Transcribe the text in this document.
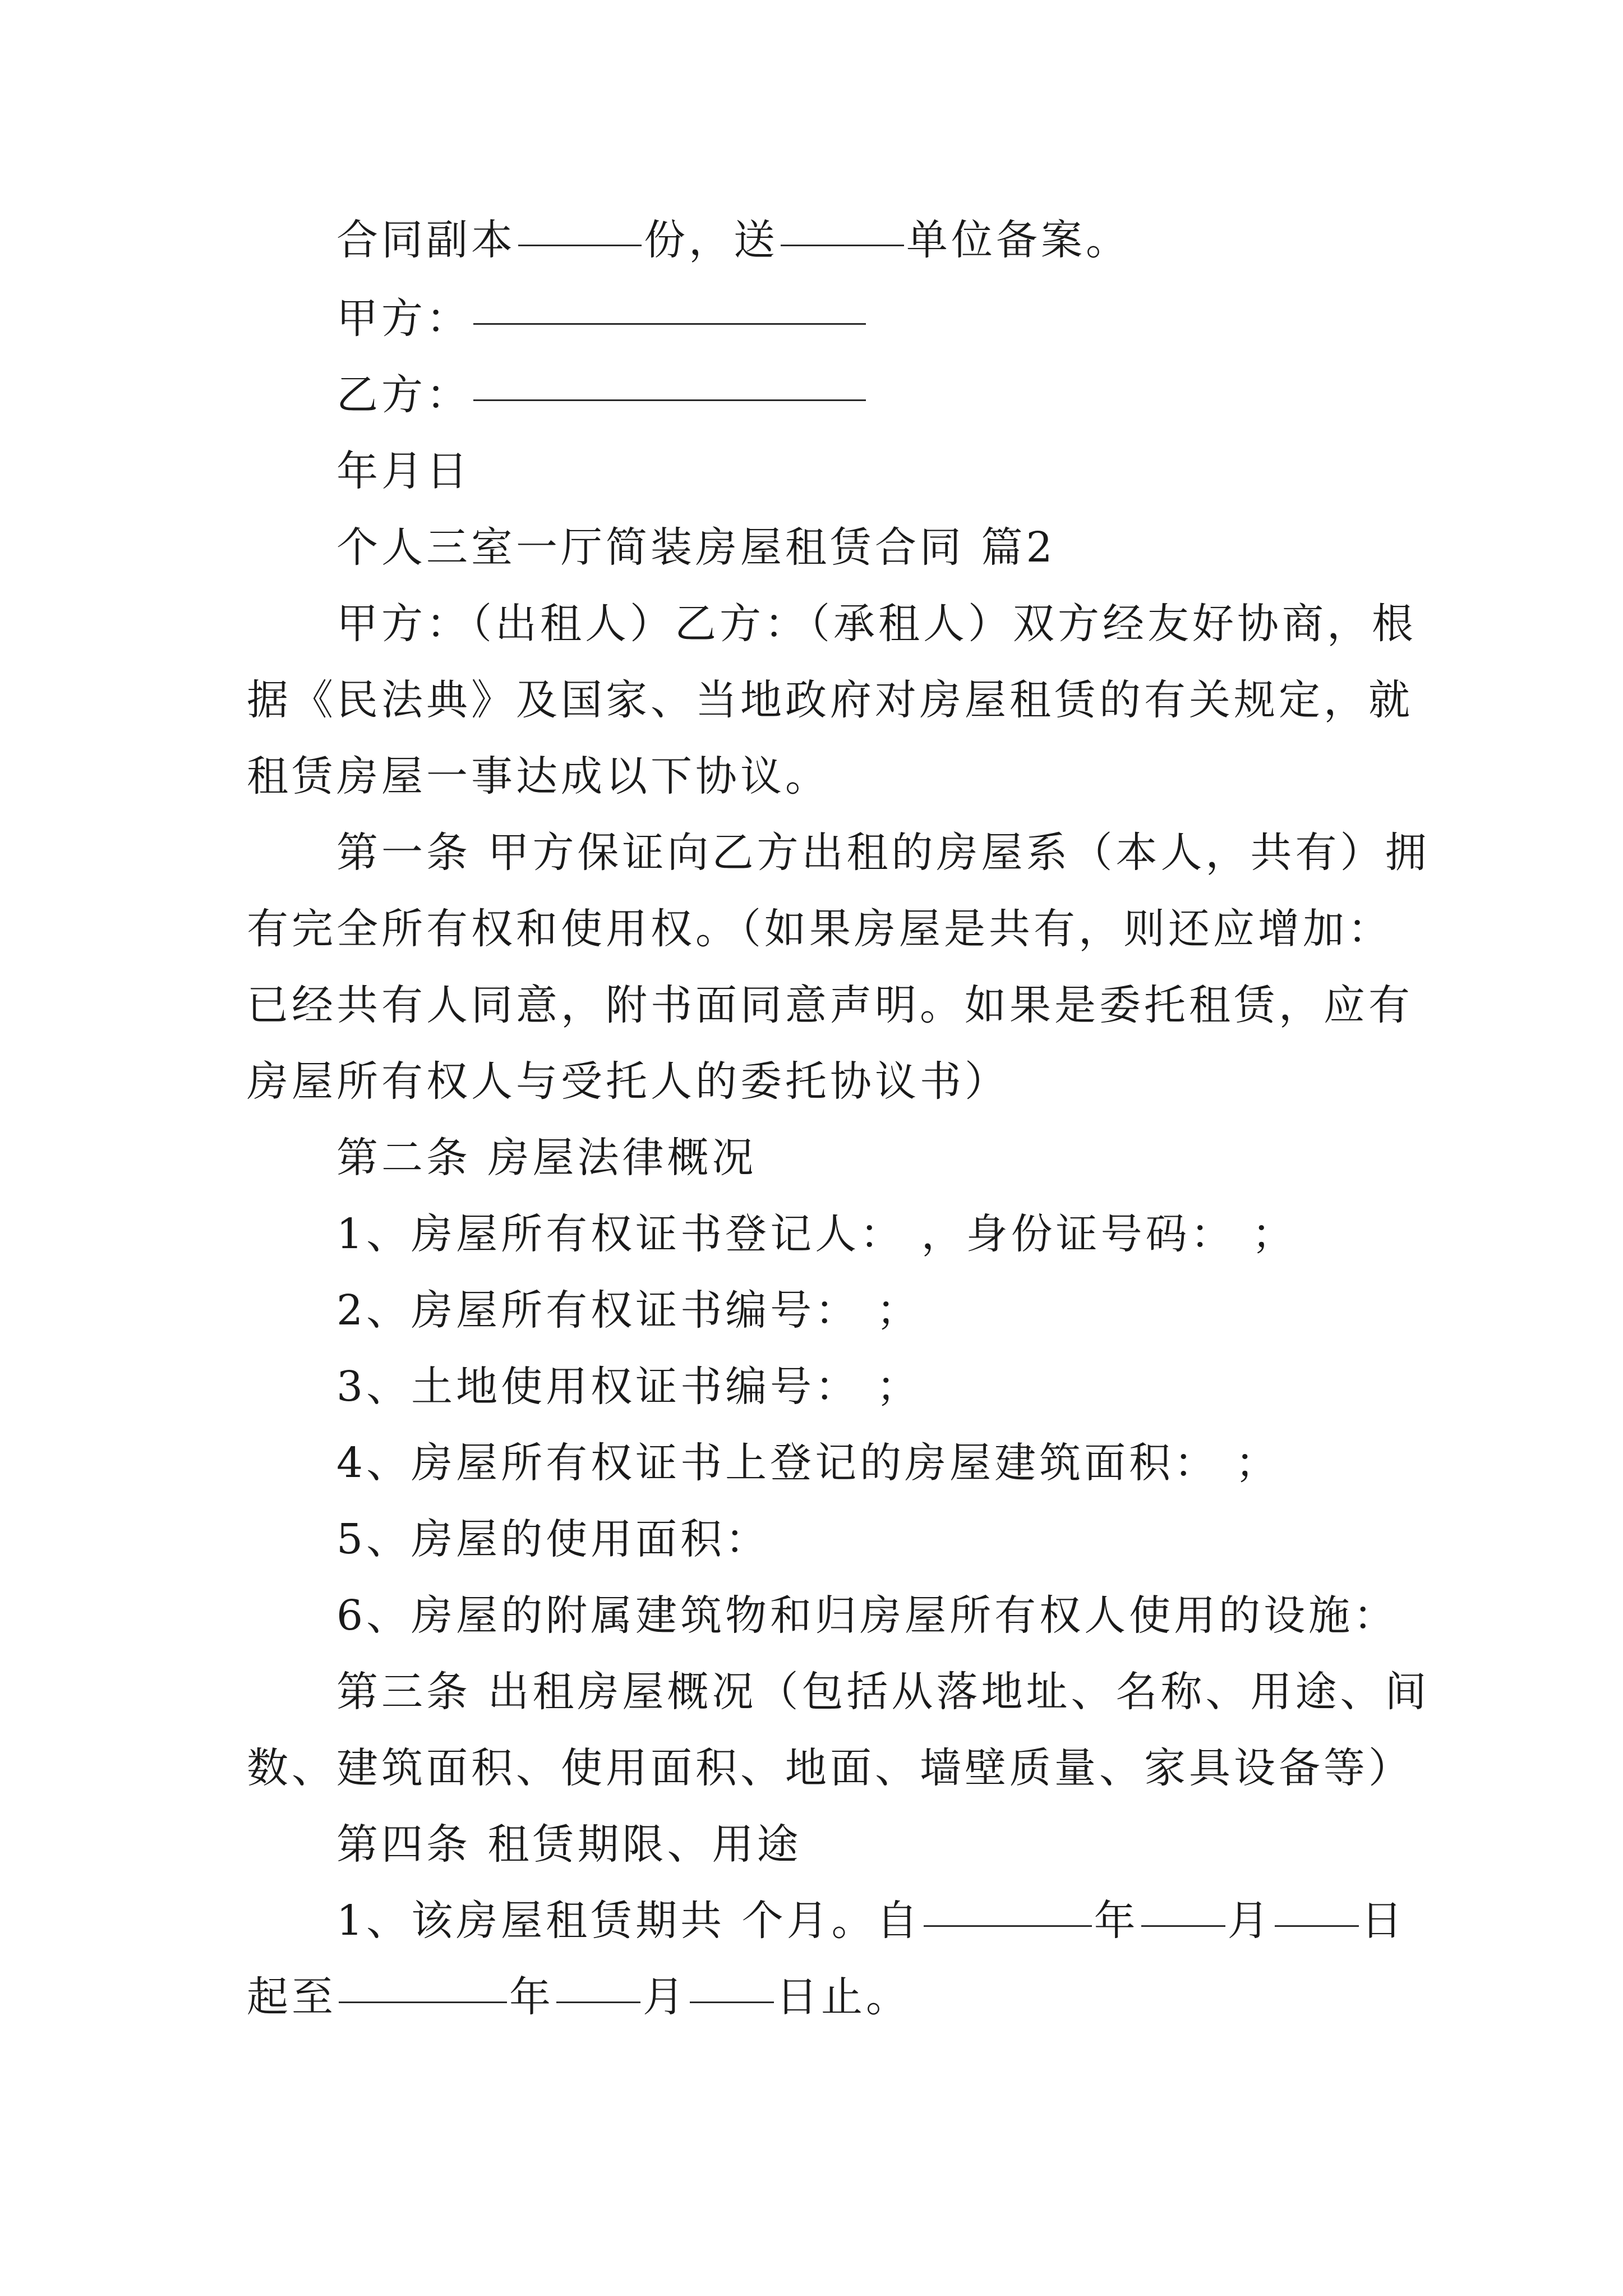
合同副本	份，送	单位备案。
甲方：
乙方：
年月日
个人三室一厅简装房屋租赁合同 篇2
甲方：（出租人）乙方：（承租人）双方经友好协商，根
据《民法典》及国家、当地政府对房屋租赁的有关规定，就
租赁房屋一事达成以下协议。
第一条 甲方保证向乙方出租的房屋系（本人，共有）拥
有完全所有权和使用权。（如果房屋是共有，则还应增加：
已经共有人同意，附书面同意声明。如果是委托租赁，应有
房屋所有权人与受托人的委托协议书）
第二条 房屋法律概况
1、房屋所有权证书登记人： ，身份证号码： ；
2、房屋所有权证书编号： ；
3、土地使用权证书编号： ；
4、房屋所有权证书上登记的房屋建筑面积： ；
5、房屋的使用面积：
6、房屋的附属建筑物和归房屋所有权人使用的设施：
第三条 出租房屋概况（包括从落地址、名称、用途、间
数、建筑面积、使用面积、地面、墙壁质量、家具设备等）
第四条 租赁期限、用途
1、该房屋租赁期共 个月。自	年 月 日
起至	年 月 日止。
